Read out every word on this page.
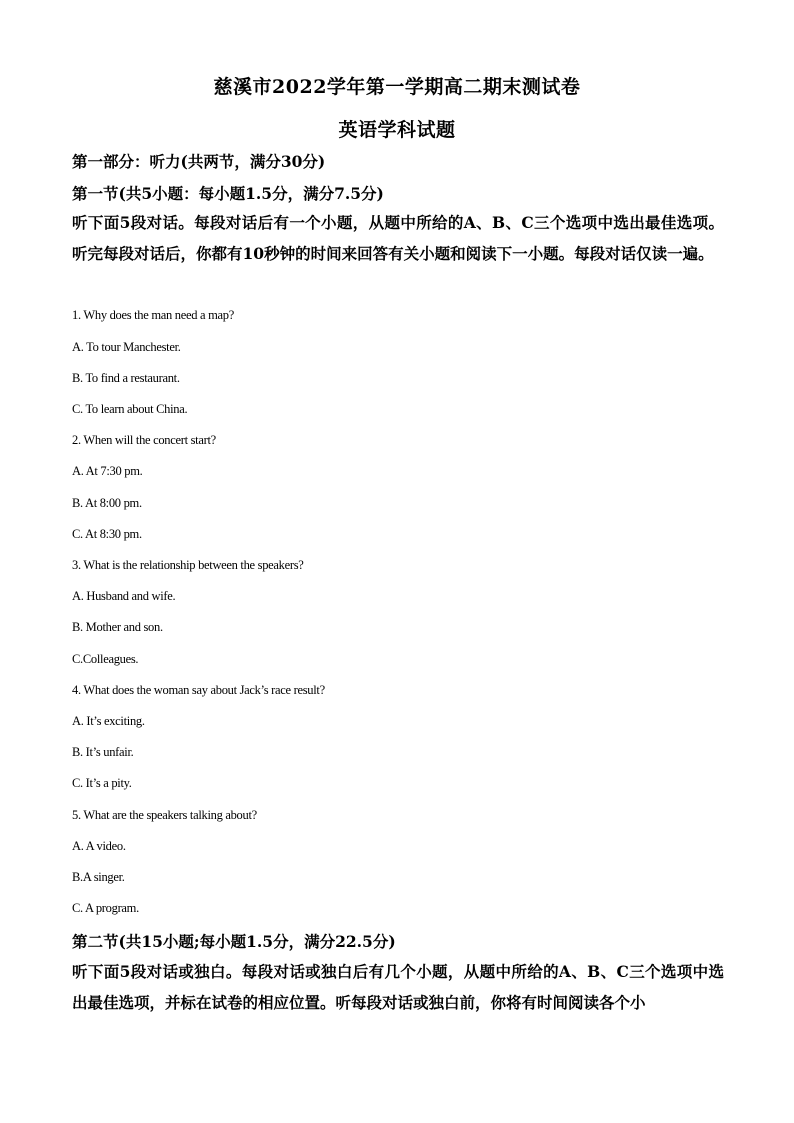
慈溪市2022学年第一学期高二期末测试卷
英语学科试题
第一部分：听力(共两节，满分30分)
第一节(共5小题：每小题1.5分，满分7.5分)
听下面5段对话。每段对话后有一个小题，从题中所给的A、B、C三个选项中选出最佳选项。听完每段对话后，你都有10秒钟的时间来回答有关小题和阅读下一小题。每段对话仅读一遍。
1. Why does the man need a map?
A. To tour Manchester.
B. To find a restaurant.
C. To learn about China.
2. When will the concert start?
A. At 7:30 pm.
B. At 8:00 pm.
C. At 8:30 pm.
3. What is the relationship between the speakers?
A. Husband and wife.
B. Mother and son.
C.Colleagues.
4. What does the woman say about Jack’s race result?
A. It’s exciting.
B. It’s unfair.
C. It’s a pity.
5. What are the speakers talking about?
A. A video.
B.A singer.
C. A program.
第二节(共15小题;每小题1.5分，满分22.5分)
听下面5段对话或独白。每段对话或独白后有几个小题，从题中所给的A、B、C三个选项中选出最佳选项，并标在试卷的相应位置。听每段对话或独白前，你将有时间阅读各个小
